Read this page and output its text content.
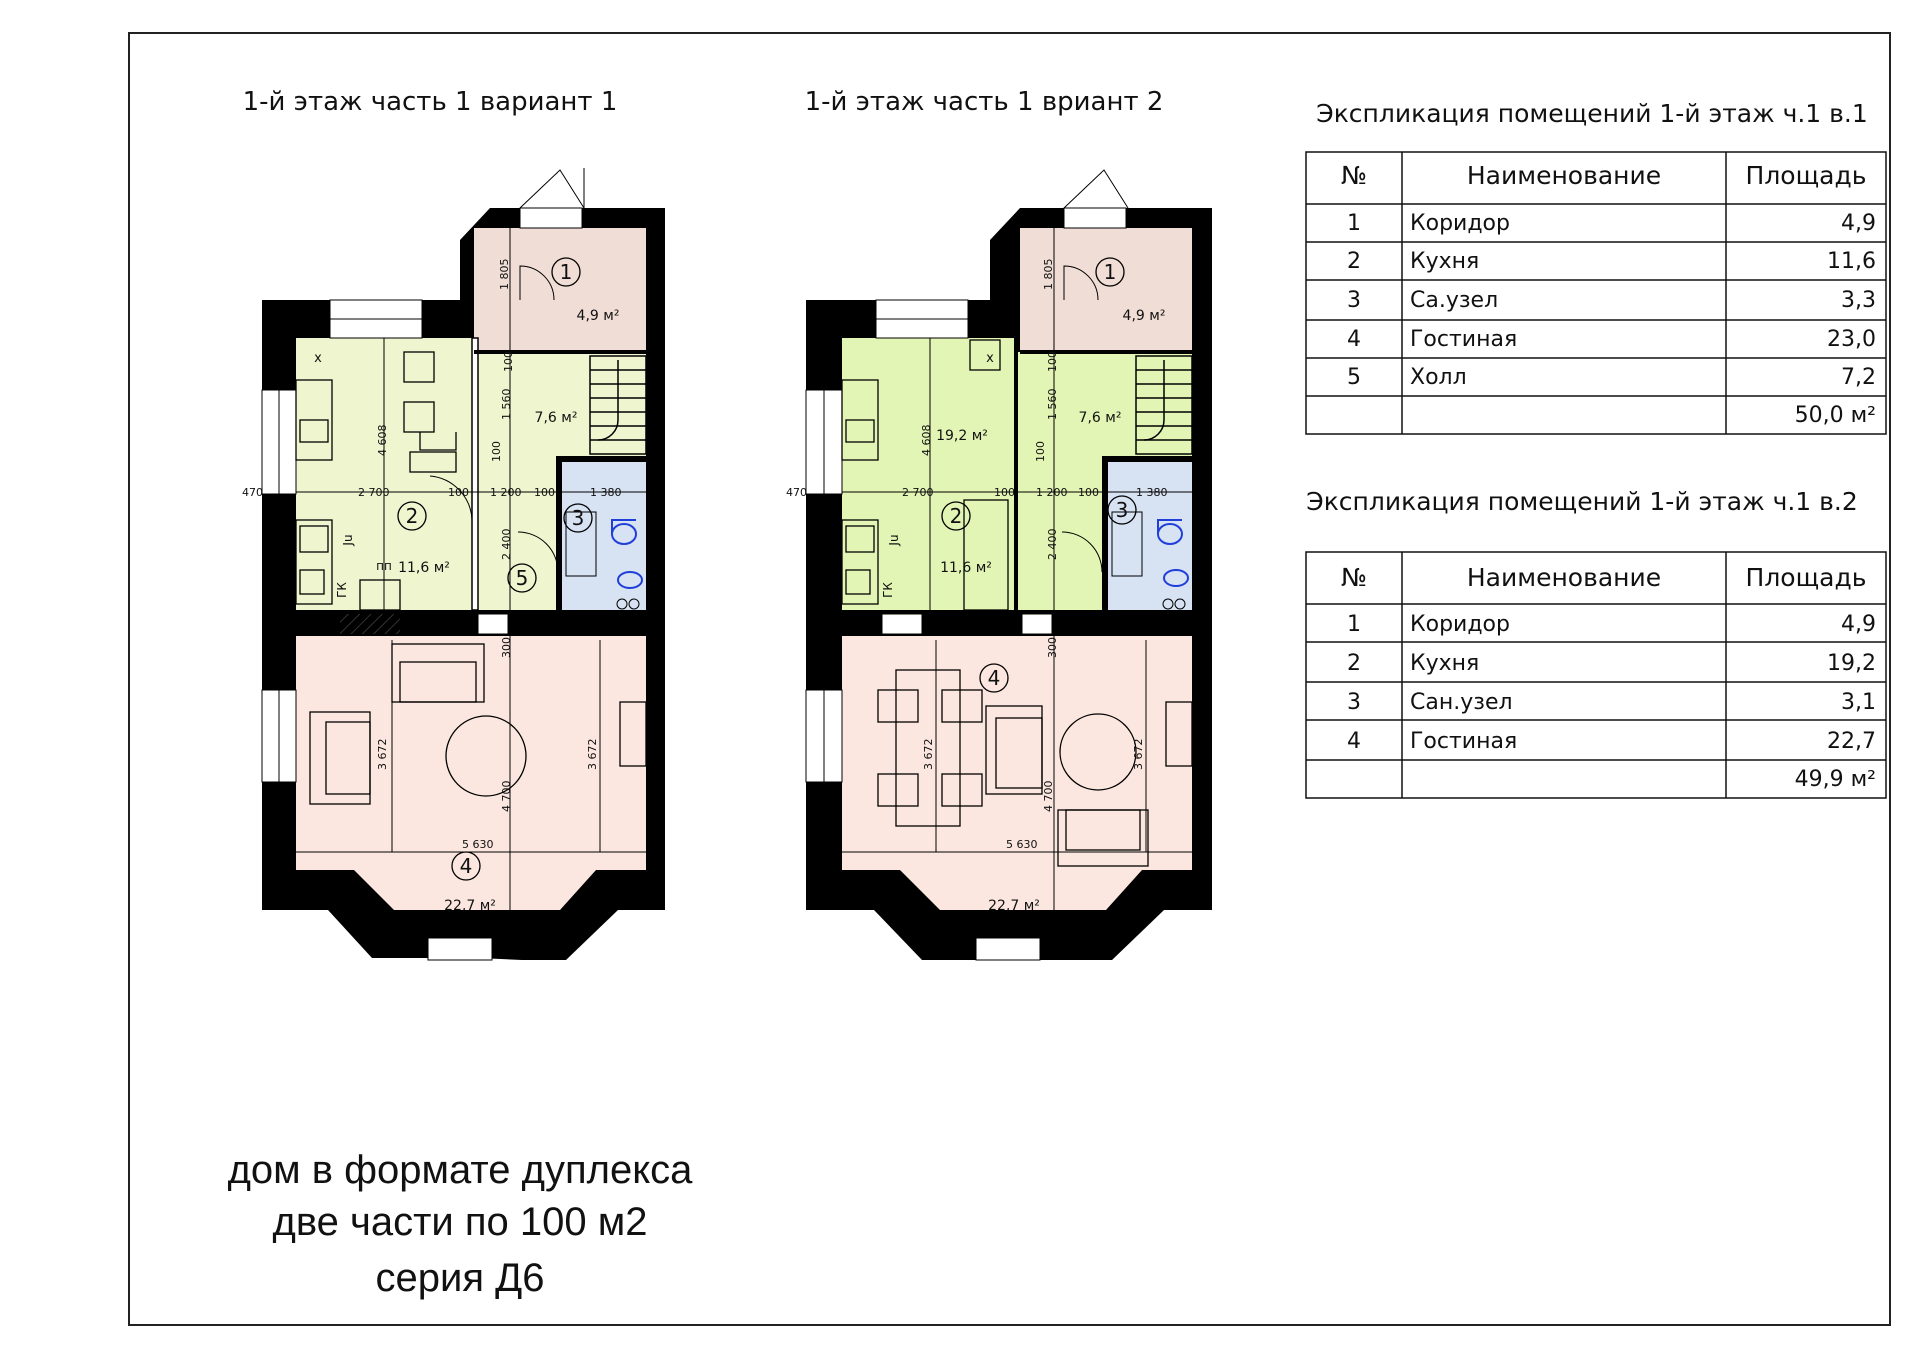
1-й этаж часть 1 вариант 1
x
Ju
пп
ГК
1 805
4 608
1 560
100
100
470	2 700	100 1 200 100	1 380
2 400
300
3 672
4 700
3 672
5 630
1
2	3
4
5
4,9 м²
11,6 м²
22,7 м²
7,6 м²
1-й этаж часть 1 вриант 2
x
Ju
ГК
1 805
4 608
1 560
100
100
470	2 700	100 1 200 100	1 380
2 400
300
3 672
4 700
3 672
5 630
1
2	3
4
4,9 м²
19,2 м²
11,6 м²
22,7 м²
7,6 м²
Экспликация помещений 1-й этаж ч.1 в.1
№	Наименование	Площадь
1 Коридор	4,9
2 Кухня	11,6
3 Са.узел	3,3
4 Гостиная	23,0
5 Холл	7,2
50,0 м²
Экспликация помещений 1-й этаж ч.1 в.2
№	Наименование	Площадь
1 Коридор	4,9
2 Кухня	19,2
3 Сан.узел	3,1
4 Гостиная	22,7
49,9 м²
дом в формате дуплекса
две части по 100 м2
серия Д6
